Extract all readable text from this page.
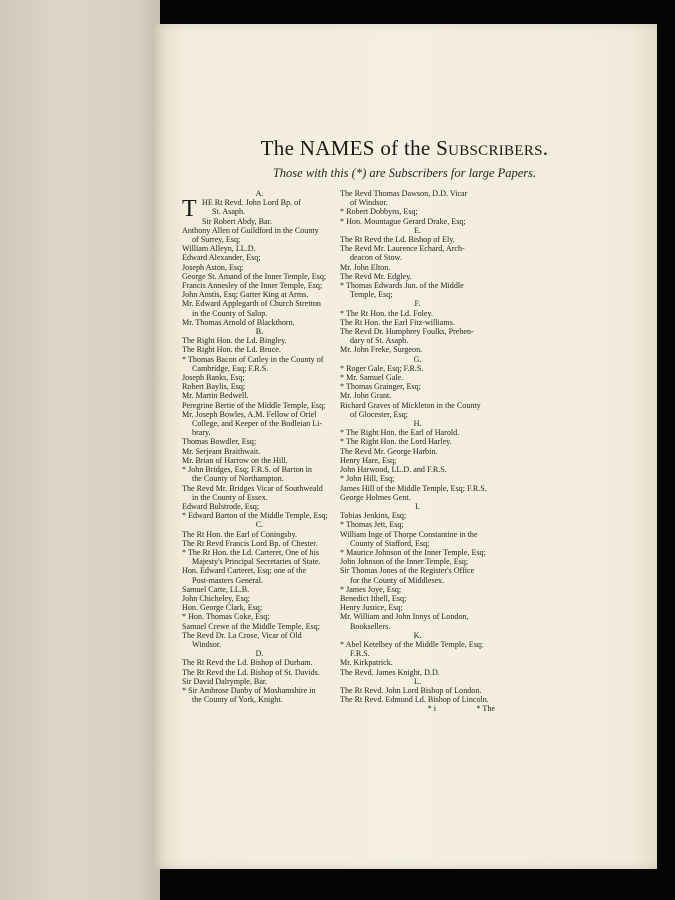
The NAMES of the Subscribers.
Those with this (*) are Subscribers for large Papers.
A.
T HE Rt Revd. John Lord Bp. of
St. Asaph.
Sir Robert Abdy, Bar.
Anthony Allen of Guildford in the County
of Surrey, Esq;
William Alleyn, LL.D.
Edward Alexander, Esq;
Joseph Aston, Esq;
George St. Amand of the Inner Temple, Esq;
Francis Annesley of the Inner Temple, Esq;
John Anstis, Esq; Garter King at Arms.
Mr. Edward Applegarth of Church Stretton
in the County of Salop.
Mr. Thomas Arnold of Blackthorn.
B.
The Right Hon. the Ld. Bingley.
The Right Hon. the Ld. Bruce.
* Thomas Bacon of Catley in the County of
Cambridge, Esq; F.R.S.
Joseph Banks, Esq;
Robert Baylis, Esq;
Mr. Martin Bedwell.
Peregrine Bertie of the Middle Temple, Esq;
Mr. Joseph Bowles, A.M. Fellow of Oriel
College, and Keeper of the Bodleian Li-
brary.
Thomas Bowdler, Esq;
Mr. Serjeant Braithwait.
Mr. Brian of Harrow on the Hill.
* John Bridges, Esq; F.R.S. of Barton in
the County of Northampton.
The Revd Mr. Bridges Vicar of Southweald
in the County of Essex.
Edward Bulstrode, Esq;
* Edward Barton of the Middle Temple, Esq;
C.
The Rt Hon. the Earl of Coningsby.
The Rt Revd Francis Lord Bp. of Chester.
* The Rt Hon. the Ld. Carteret, One of his
Majesty's Principal Secretaries of State.
Hon. Edward Carteret, Esq; one of the
Post-masters General.
Samuel Carte, LL.B.
John Chicheley, Esq;
Hon. George Clark, Esq;
* Hon. Thomas Coke, Esq;
Samuel Crewe of the Middle Temple, Esq;
The Revd Dr. La Crose, Vicar of Old
Windsor.
D.
The Rt Revd the Ld. Bishop of Durham.
The Rt Revd the Ld. Bishop of St. Davids.
Sir David Dalrymple, Bar.
* Sir Ambrose Danby of Moshamshire in
the County of York, Knight.
The Revd Thomas Dawson, D.D. Vicar
of Windsor.
* Robert Dobbyns, Esq;
* Hon. Mountague Gerard Drake, Esq;
E.
The Rt Revd the Ld. Bishop of Ely.
The Revd Mr. Laurence Echard, Arch-
deacon of Stow.
Mr. John Elton.
The Revd Mr. Edgley.
* Thomas Edwards Jun. of the Middle
Temple, Esq;
F.
* The Rt Hon. the Ld. Foley.
The Rt Hon. the Earl Fitz-williams.
The Revd Dr. Humphrey Foulks, Preben-
dary of St. Asaph.
Mr. John Freke, Surgeon.
G.
* Roger Gale, Esq; F.R.S.
* Mr. Samuel Gale.
* Thomas Grainger, Esq;
Mr. John Grant.
Richard Graves of Mickleton in the County
of Glocester, Esq;
H.
* The Right Hon. the Earl of Harold.
* The Right Hon. the Lord Harley.
The Revd Mr. George Harbin.
Henry Hare, Esq;
John Harwood, LL.D. and F.R.S.
* John Hill, Esq;
James Hill of the Middle Temple, Esq; F.R.S.
George Holmes Gent.
I.
Tobias Jenkins, Esq;
* Thomas Jett, Esq;
William Inge of Thorpe Constantine in the
County of Stafford, Esq;
* Maurice Johnson of the Inner Temple, Esq;
John Johnson of the Inner Temple, Esq;
Sir Thomas Jones of the Register's Office
for the County of Middlesex.
* James Joye, Esq;
Benedict Ithell, Esq;
Henry Justice, Esq;
Mr. William and John Innys of London,
Booksellers.
K.
* Abel Ketelbey of the Middle Temple, Esq;
F.R.S.
Mr. Kirkpatrick.
The Revd. James Knight, D.D.
L.
The Rt Revd. John Lord Bishop of London.
The Rt Revd. Edmund Ld. Bishop of Lincoln.
* i	* The
